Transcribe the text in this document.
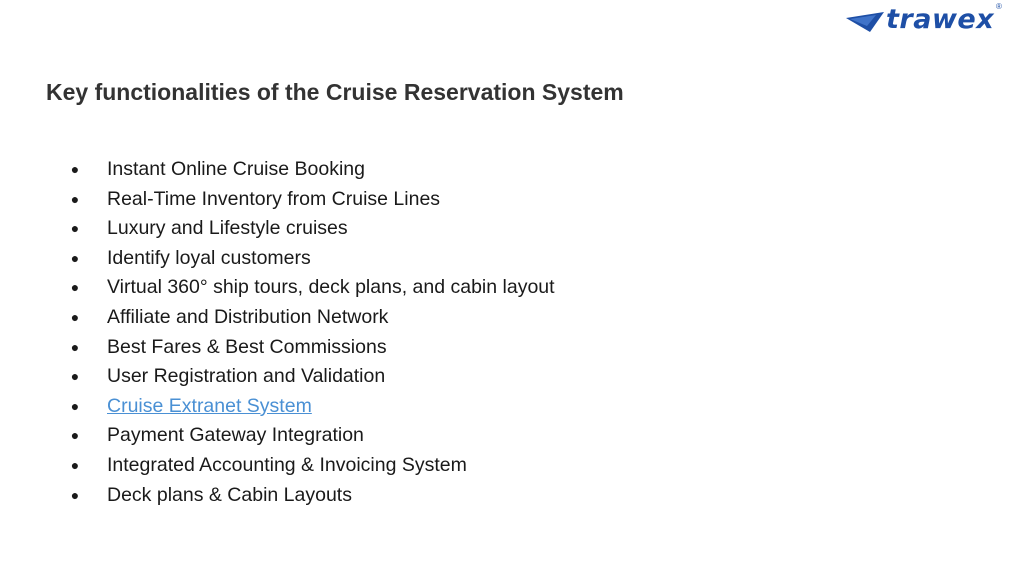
trawex ®
Key functionalities of the Cruise Reservation System
● Instant Online Cruise Booking
● Real-Time Inventory from Cruise Lines
● Luxury and Lifestyle cruises
● Identify loyal customers
● Virtual 360° ship tours, deck plans, and cabin layout
● Affiliate and Distribution Network
● Best Fares & Best Commissions
● User Registration and Validation
● Cruise Extranet System
● Payment Gateway Integration
● Integrated Accounting & Invoicing System
● Deck plans & Cabin Layouts
